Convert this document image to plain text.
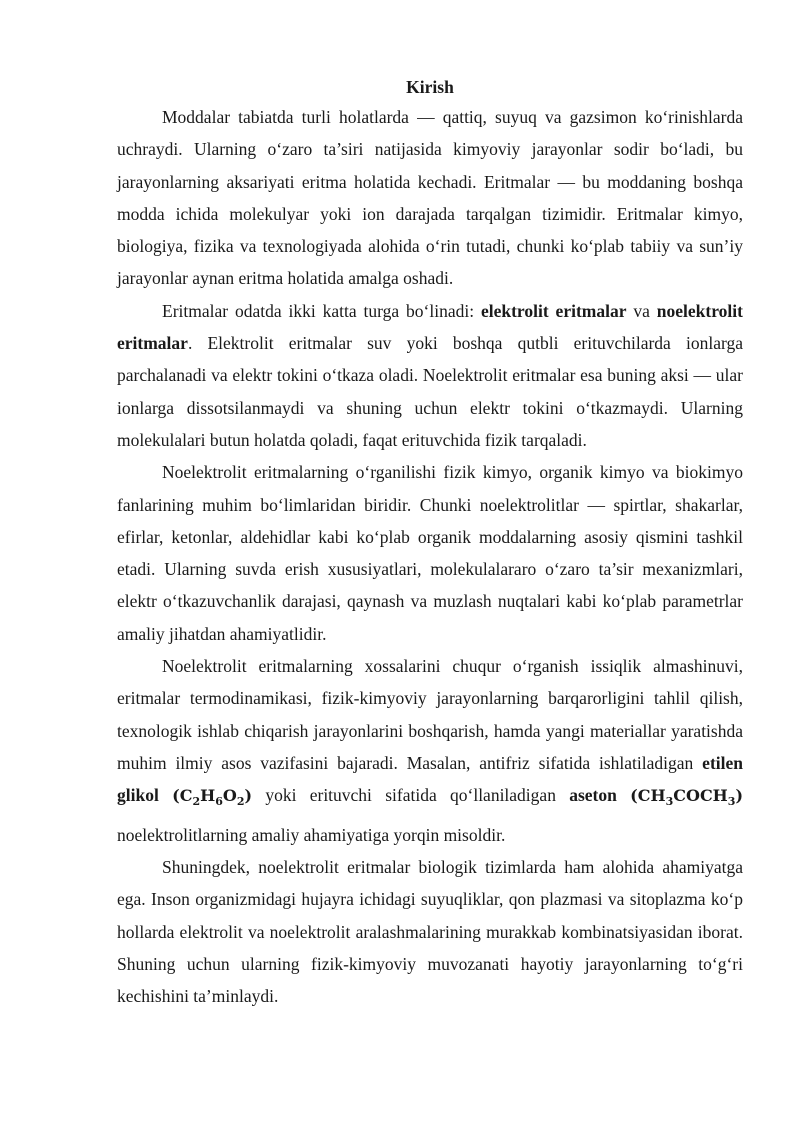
Kirish

Moddalar tabiatda turli holatlarda — qattiq, suyuq va gazsimon ko‘rinishlarda uchraydi. Ularning o‘zaro ta’siri natijasida kimyoviy jarayonlar sodir bo‘ladi, bu jarayonlarning aksariyati eritma holatida kechadi. Eritmalar — bu moddaning boshqa modda ichida molekulyar yoki ion darajada tarqalgan tizimidir. Eritmalar kimyo, biologiya, fizika va texnologiyada alohida o‘rin tutadi, chunki ko‘plab tabiiy va sun’iy jarayonlar aynan eritma holatida amalga oshadi.

Eritmalar odatda ikki katta turga bo‘linadi: elektrolit eritmalar va noelektrolit eritmalar. Elektrolit eritmalar suv yoki boshqa qutbli erituvchilarda ionlarga parchalanadi va elektr tokini o‘tkaza oladi. Noelektrolit eritmalar esa buning aksi — ular ionlarga dissotsilanmaydi va shuning uchun elektr tokini o‘tkazmaydi. Ularning molekulalari butun holatda qoladi, faqat erituvchida fizik tarqaladi.

Noelektrolit eritmalarning o‘rganilishi fizik kimyo, organik kimyo va biokimyo fanlarining muhim bo‘limlaridan biridir. Chunki noelektrolitlar — spirtlar, shakarlar, efirlar, ketonlar, aldehidlar kabi ko‘plab organik moddalarning asosiy qismini tashkil etadi. Ularning suvda erish xususiyatlari, molekulalararo o‘zaro ta’sir mexanizmlari, elektr o‘tkazuvchanlik darajasi, qaynash va muzlash nuqtalari kabi ko‘plab parametrlar amaliy jihatdan ahamiyatlidir.

Noelektrolit eritmalarning xossalarini chuqur o‘rganish issiqlik almashinuvi, eritmalar termodinamikasi, fizik-kimyoviy jarayonlarning barqarorligini tahlil qilish, texnologik ishlab chiqarish jarayonlarini boshqarish, hamda yangi materiallar yaratishda muhim ilmiy asos vazifasini bajaradi. Masalan, antifriz sifatida ishlatiladigan etilen glikol $(C_2H_6O_2)$ yoki erituvchi sifatida qo‘llaniladigan aseton $(CH_3COCH_3)$ noelektrolitlarning amaliy ahamiyatiga yorqin misoldir.

Shuningdek, noelektrolit eritmalar biologik tizimlarda ham alohida ahamiyatga ega. Inson organizmidagi hujayra ichidagi suyuqliklar, qon plazmasi va sitoplazma ko‘p hollarda elektrolit va noelektrolit aralashmalarining murakkab kombinatsiyasidan iborat. Shuning uchun ularning fizik-kimyoviy muvozanati hayotiy jarayonlarning to‘g‘ri kechishini ta’minlaydi.
